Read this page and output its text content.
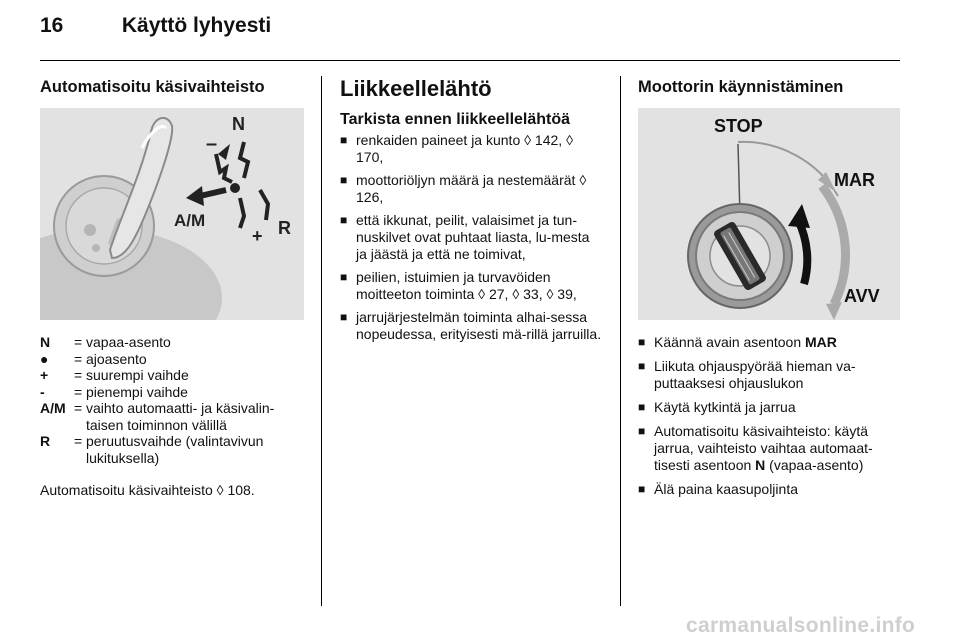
16	Käyttö lyhyesti
Automatisoitu käsivaihteisto
N
–
A/M
+ R
N	= vapaa-asento
●	= ajoasento
+	= suurempi vaihde
-	= pienempi vaihde
A/M = vaihto automaatti- ja käsivalin-taisen toiminnon välillä
R	= peruutusvaihde (valintavivun lukituksella)
Automatisoitu käsivaihteisto ◊ 108.
Liikkeellelähtö
Tarkista ennen liikkeellelähtöä
■ renkaiden paineet ja kunto ◊ 142, ◊ 170,
■ moottoriöljyn määrä ja nestemäärät ◊ 126,
■ että ikkunat, peilit, valaisimet ja tun-nuskilvet ovat puhtaat liasta, lu-mesta ja jäästä ja että ne toimivat,
■ peilien, istuimien ja turvavöiden moitteeton toiminta ◊ 27, ◊ 33, ◊ 39,
■ jarrujärjestelmän toiminta alhai-sessa nopeudessa, erityisesti mä-rillä jarruilla.
Moottorin käynnistäminen
STOP
MAR
AVV
■ Käännä avain asentoon MAR
■ Liikuta ohjauspyörää hieman va-puttaaksesi ohjauslukon
■ Käytä kytkintä ja jarrua
■ Automatisoitu käsivaihteisto: käytä jarrua, vaihteisto vaihtaa automaat-tisesti asentoon N (vapaa-asento)
■ Älä paina kaasupoljinta
carmanualsonline.info
